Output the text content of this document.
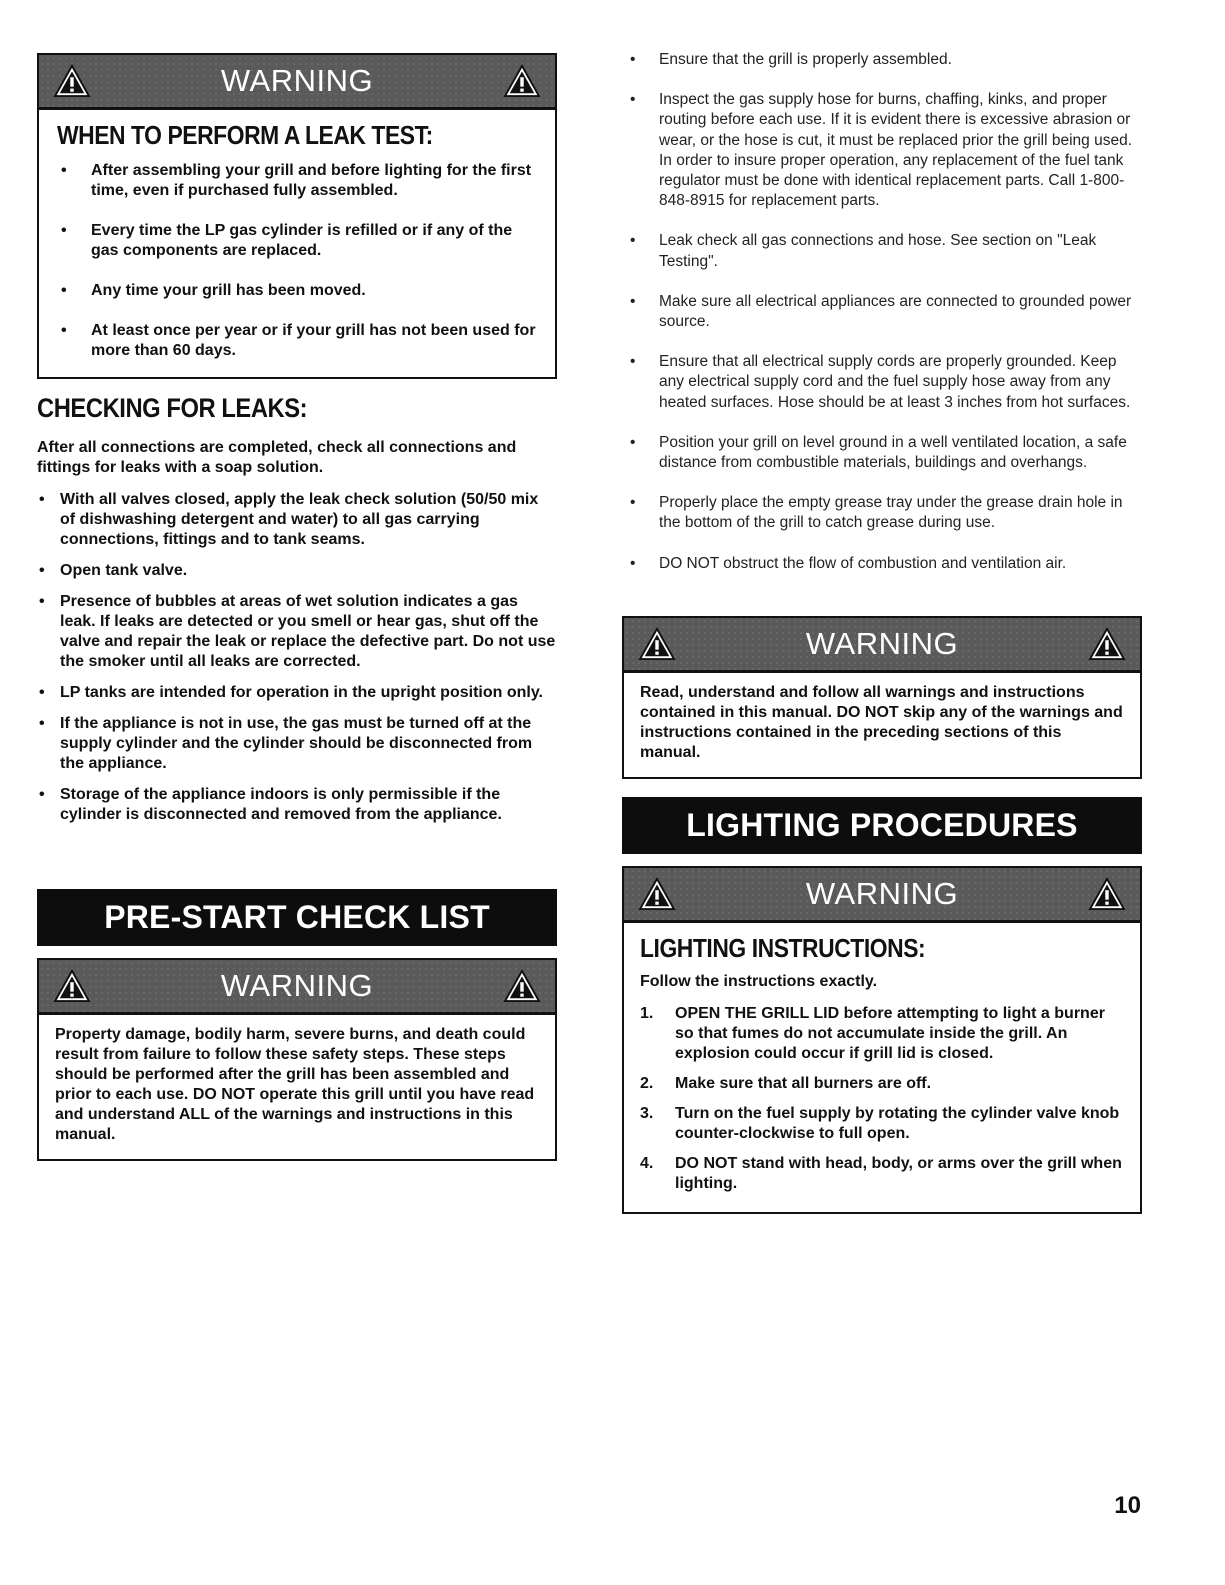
WARNING
WHEN TO PERFORM A LEAK TEST:
• After assembling your grill and before lighting for the first time, even if purchased fully assembled.
• Every time the LP gas cylinder is refilled or if any of the gas components are replaced.
• Any time your grill has been moved.
• At least once per year or if your grill has not been used for more than 60 days.
CHECKING FOR LEAKS:

After all connections are completed, check all connections and fittings for leaks with a soap solution.

• With all valves closed, apply the leak check solution (50/50 mix of dishwashing detergent and water) to all gas carrying connections, fittings and to tank seams.
• Open tank valve.
• Presence of bubbles at areas of wet solution indicates a gas leak. If leaks are detected or you smell or hear gas, shut off the valve and repair the leak or replace the defective part. Do not use the smoker until all leaks are corrected.
• LP tanks are intended for operation in the upright position only.
• If the appliance is not in use, the gas must be turned off at the supply cylinder and the cylinder should be disconnected from the appliance.
• Storage of the appliance indoors is only permissible if the cylinder is disconnected and removed from the appliance.
PRE-START CHECK LIST
WARNING

Property damage, bodily harm, severe burns, and death could result from failure to follow these safety steps. These steps should be performed after the grill has been assembled and prior to each use. DO NOT operate this grill until you have read and understand ALL of the warnings and instructions in this manual.

• Ensure that the grill is properly assembled.
• Inspect the gas supply hose for burns, chaffing, kinks, and proper routing before each use. If it is evident there is excessive abrasion or wear, or the hose is cut, it must be replaced prior the grill being used. In order to insure proper operation, any replacement of the fuel tank regulator must be done with identical replacement parts. Call 1-800-848-8915 for replacement parts.
• Leak check all gas connections and hose. See section on "Leak Testing".
• Make sure all electrical appliances are connected to grounded power source.
• Ensure that all electrical supply cords are properly grounded. Keep any electrical supply cord and the fuel supply hose away from any heated surfaces. Hose should be at least 3 inches from hot surfaces.
• Position your grill on level ground in a well ventilated location, a safe distance from combustible materials, buildings and overhangs.
• Properly place the empty grease tray under the grease drain hole in the bottom of the grill to catch grease during use.
• DO NOT obstruct the flow of combustion and ventilation air.
WARNING

Read, understand and follow all warnings and instructions contained in this manual. DO NOT skip any of the warnings and instructions contained in the preceding sections of this manual.

LIGHTING PROCEDURES
WARNING
LIGHTING INSTRUCTIONS:

Follow the instructions exactly.

1. OPEN THE GRILL LID before attempting to light a burner so that fumes do not accumulate inside the grill. An explosion could occur if grill lid is closed.
2. Make sure that all burners are off.
3. Turn on the fuel supply by rotating the cylinder valve knob counter-clockwise to full open.
4. DO NOT stand with head, body, or arms over the grill when lighting.
10
